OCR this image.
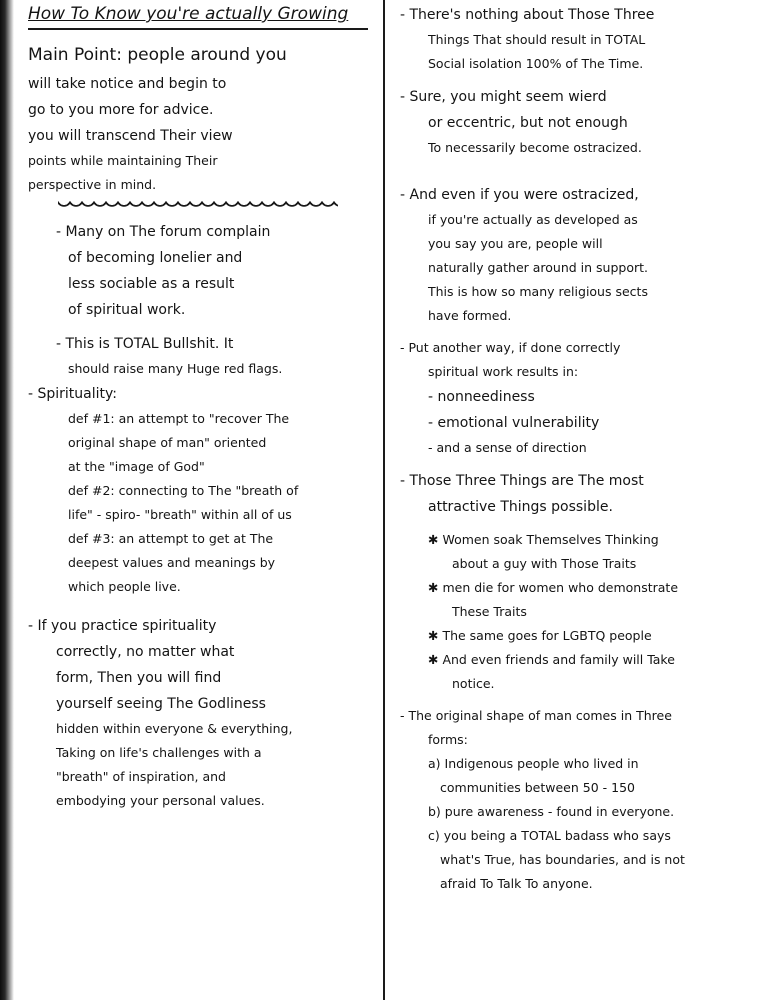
How To Know you're actually Growing
Main Point: people around you
will take notice and begin to
go to you more for advice.
you will transcend Their view
points while maintaining Their
perspective in mind.
- Many on The forum complain
of becoming lonelier and
less sociable as a result
of spiritual work.
- This is TOTAL Bullshit. It
should raise many Huge red flags.
- Spirituality:
def #1: an attempt to "recover The
original shape of man" oriented
at the "image of God"
def #2: connecting to The "breath of
life" - spiro- "breath" within all of us
def #3: an attempt to get at The
deepest values and meanings by
which people live.
- If you practice spirituality
correctly, no matter what
form, Then you will find
yourself seeing The Godliness
hidden within everyone & everything,
Taking on life's challenges with a
"breath" of inspiration, and
embodying your personal values.
- There's nothing about Those Three
Things That should result in TOTAL
Social isolation 100% of The Time.
- Sure, you might seem wierd
or eccentric, but not enough
To necessarily become ostracized.
- And even if you were ostracized,
if you're actually as developed as
you say you are, people will
naturally gather around in support.
This is how so many religious sects
have formed.
- Put another way, if done correctly
spiritual work results in:
- nonneediness
- emotional vulnerability
- and a sense of direction
- Those Three Things are The most
attractive Things possible.
✱ Women soak Themselves Thinking
about a guy with Those Traits
✱ men die for women who demonstrate
These Traits
✱ The same goes for LGBTQ people
✱ And even friends and family will Take
notice.
- The original shape of man comes in Three
forms:
a) Indigenous people who lived in
communities between 50 - 150
b) pure awareness - found in everyone.
c) you being a TOTAL badass who says
what's True, has boundaries, and is not
afraid To Talk To anyone.
